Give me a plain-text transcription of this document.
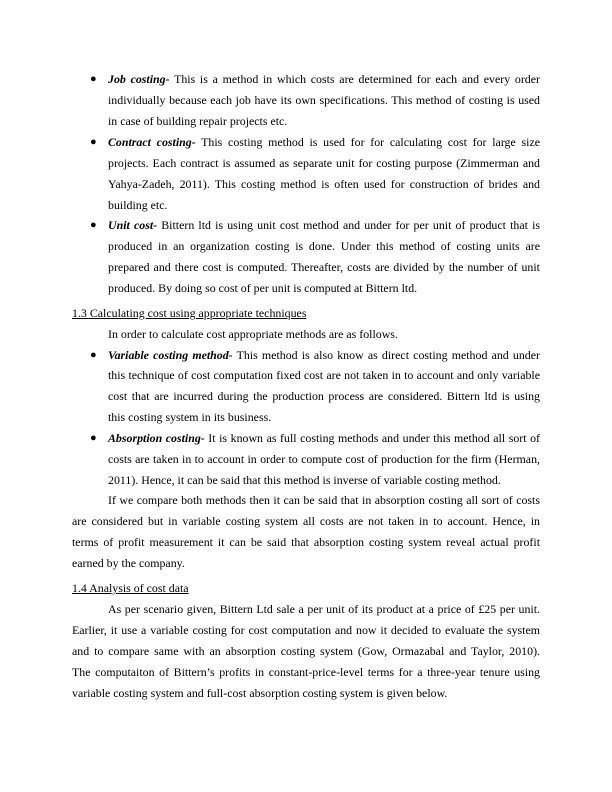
● Job costing- This is a method in which costs are determined for each and every order
individually because each job have its own specifications. This method of costing is used
in case of building repair projects etc.
● Contract costing- This costing method is used for for calculating cost for large size
projects. Each contract is assumed as separate unit for costing purpose (Zimmerman and
Yahya-Zadeh, 2011). This costing method is often used for construction of brides and
building etc.
● Unit cost- Bittern ltd is using unit cost method and under for per unit of product that is
produced in an organization costing is done. Under this method of costing units are
prepared and there cost is computed. Thereafter, costs are divided by the number of unit
produced. By doing so cost of per unit is computed at Bittern ltd.
1.3 Calculating cost using appropriate techniques
In order to calculate cost appropriate methods are as follows.
● Variable costing method- This method is also know as direct costing method and under
this technique of cost computation fixed cost are not taken in to account and only variable
cost that are incurred during the production process are considered. Bittern ltd is using
this costing system in its business.
● Absorption costing- It is known as full costing methods and under this method all sort of
costs are taken in to account in order to compute cost of production for the firm (Herman,
2011). Hence, it can be said that this method is inverse of variable costing method.
If we compare both methods then it can be said that in absorption costing all sort of costs
are considered but in variable costing system all costs are not taken in to account. Hence, in
terms of profit measurement it can be said that absorption costing system reveal actual profit
earned by the company.
1.4 Analysis of cost data
As per scenario given, Bittern Ltd sale a per unit of its product at a price of £25 per unit.
Earlier, it use a variable costing for cost computation and now it decided to evaluate the system
and to compare same with an absorption costing system (Gow, Ormazabal and Taylor, 2010).
The computaiton of Bittern’s profits in constant-price-level terms for a three-year tenure using
variable costing system and full-cost absorption costing system is given below.
